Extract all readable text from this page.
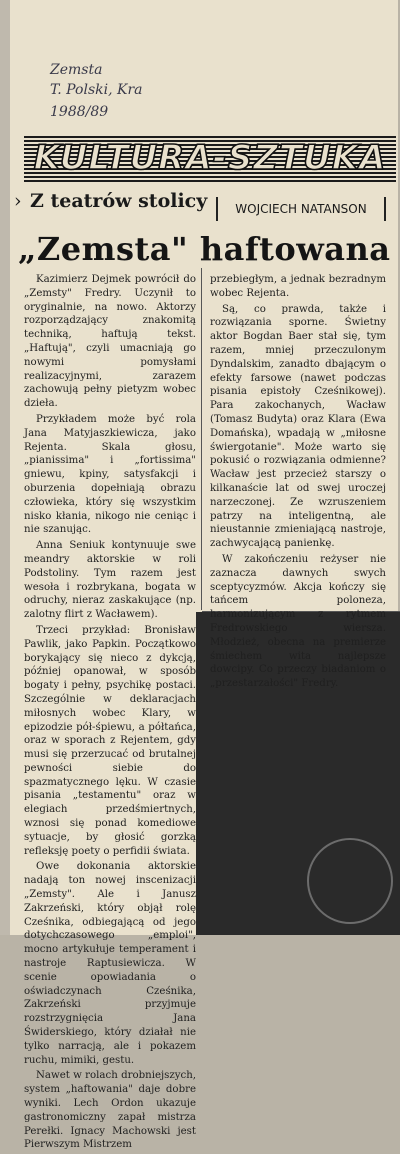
Zemsta
T. Polski, Kra
1988/89
KULTURA-SZTUKA
› Z teatrów stolicy	WOJCIECH NATANSON
„Zemsta" haftowana

Kazimierz Dejmek powrócił do „Zemsty" Fredry. Uczynił to oryginalnie, na nowo. Aktorzy rozporządzający znakomitą techniką, haftują tekst. „Haftują", czyli umacniają go nowymi pomysłami realizacyjnymi, zarazem zachowują pełny pietyzm wobec dzieła.

Przykładem może być rola Jana Matyjaszkiewicza, jako Rejenta. Skala głosu, „pianissima" i „fortissima" gniewu, kpiny, satysfakcji i oburzenia dopełniają obrazu człowieka, który się wszystkim nisko kłania, nikogo nie ceniąc i nie szanując.

Anna Seniuk kontynuuje swe meandry aktorskie w roli Podstoliny. Tym razem jest wesoła i rozbrykana, bogata w odruchy, nieraz zaskakujące (np. zalotny flirt z Wacławem).

Trzeci przykład: Bronisław Pawlik, jako Papkin. Początkowo borykający się nieco z dykcją, później opanował, w sposób bogaty i pełny, psychikę postaci. Szczególnie w deklaracjach miłosnych wobec Klary, w epizodzie pół-śpiewu, a półtańca, oraz w sporach z Rejentem, gdy musi się przerzucać od brutalnej pewności siebie do spazmatycznego lęku. W czasie pisania „testamentu" oraz w elegiach przedśmiertnych, wznosi się ponad komediowe sytuacje, by głosić gorzką refleksję poety o perfidii świata.

Owe dokonania aktorskie nadają ton nowej inscenizacji „Zemsty". Ale i Janusz Zakrzeński, który objął rolę Cześnika, odbiegającą od jego dotychczasowego „emploi", mocno artykułuje temperament i nastroje Raptusiewicza. W scenie opowiadania o oświadczynach Cześnika, Zakrzeński przyjmuje rozstrzygnięcia Jana Świderskiego, który działał nie tylko narracją, ale i pokazem ruchu, mimiki, gestu.

Nawet w rolach drobniejszych, system „haftowania" daje dobre wyniki. Lech Ordon ukazuje gastronomiczny zapał mistrza Perełki. Ignacy Machowski jest Pierwszym Mistrzem

przebiegłym, a jednak bezradnym wobec Rejenta.

Są, co prawda, także i rozwiązania sporne. Świetny aktor Bogdan Baer stał się, tym razem, mniej przeczulonym Dyndalskim, zanadto dbającym o efekty farsowe (nawet podczas pisania epistoły Cześnikowej). Para zakochanych, Wacław (Tomasz Budyta) oraz Klara (Ewa Domańska), wpadają w „miłosne świergotanie". Może warto się pokusić o rozwiązania odmienne? Wacław jest przecież starszy o kilkanaście lat od swej uroczej narzeczonej. Ze wzruszeniem patrzy na inteligentną, ale nieustannie zmieniającą nastroje, zachwycającą panienkę.

W zakończeniu reżyser nie zaznacza dawnych swych sceptycyzmów. Akcja kończy się tańcem poloneza, harmonizującym z rytmem Fredrowskiego wiersza. Młodzież, obecna na premierze śmiechem wita najlepsze dowcipy. Co przeczy biadaniom o „przestarzałości" Fredry.
